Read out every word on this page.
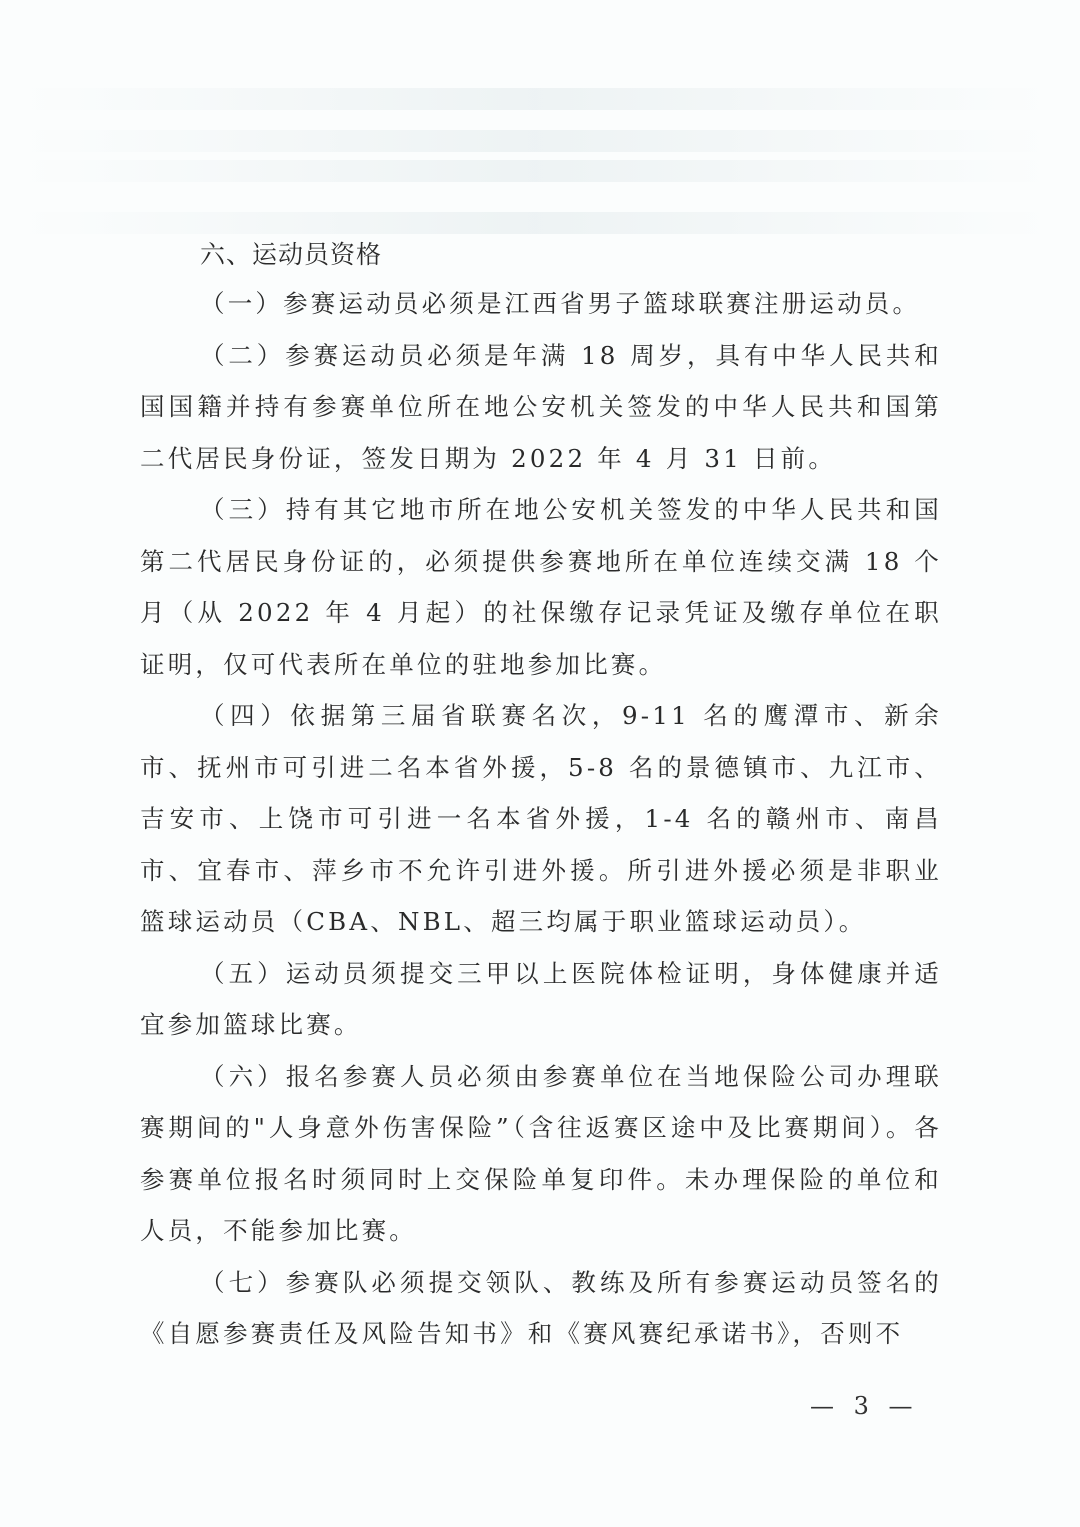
六、运动员资格

（一）参赛运动员必须是江西省男子篮球联赛注册运动员。

（二）参赛运动员必须是年满 18 周岁，具有中华人民共和国国籍并持有参赛单位所在地公安机关签发的中华人民共和国第二代居民身份证，签发日期为 2022 年 4 月 31 日前。

（三）持有其它地市所在地公安机关签发的中华人民共和国第二代居民身份证的，必须提供参赛地所在单位连续交满 18 个月（从 2022 年 4 月起）的社保缴存记录凭证及缴存单位在职证明，仅可代表所在单位的驻地参加比赛。

（四）依据第三届省联赛名次，9-11 名的鹰潭市、新余市、抚州市可引进二名本省外援，5-8 名的景德镇市、九江市、吉安市、上饶市可引进一名本省外援，1-4 名的赣州市、南昌市、宜春市、萍乡市不允许引进外援。所引进外援必须是非职业篮球运动员（CBA、NBL、超三均属于职业篮球运动员）。

（五）运动员须提交三甲以上医院体检证明，身体健康并适宜参加篮球比赛。

（六）报名参赛人员必须由参赛单位在当地保险公司办理联赛期间的"人身意外伤害保险”（含往返赛区途中及比赛期间）。各参赛单位报名时须同时上交保险单复印件。未办理保险的单位和人员，不能参加比赛。

（七）参赛队必须提交领队、教练及所有参赛运动员签名的《自愿参赛责任及风险告知书》和《赛风赛纪承诺书》，否则不

— 3 —
